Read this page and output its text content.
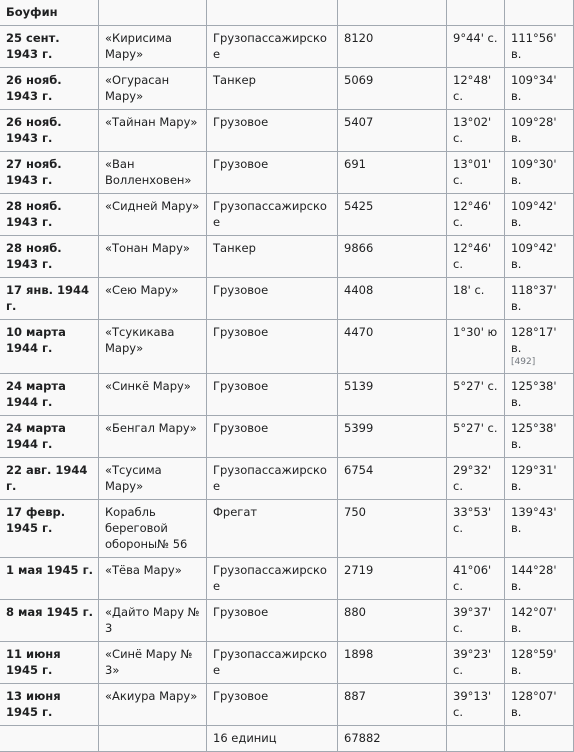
Боуфин					
25 сент. 1943 г.	«Кирисима Мару»	Грузопассажирское	8120	9°44' с.	111°56' в.
26 нояб. 1943 г.	«Огурасан Мару»	Танкер	5069	12°48' с.	109°34' в.
26 нояб. 1943 г.	«Тайнан Мару»	Грузовое	5407	13°02' с.	109°28' в.
27 нояб. 1943 г.	«Ван Волленховен»	Грузовое	691	13°01' с.	109°30' в.
28 нояб. 1943 г.	«Сидней Мару»	Грузопассажирское	5425	12°46' с.	109°42' в.
28 нояб. 1943 г.	«Тонан Мару»	Танкер	9866	12°46' с.	109°42' в.
17 янв. 1944 г.	«Сею Мару»	Грузовое	4408	18' с.	118°37' в.
10 марта 1944 г.	«Тсукикава Мару»	Грузовое	4470	1°30' ю	128°17' в.
[492]

24 марта 1944 г.	«Синкё Мару»	Грузовое	5139	5°27' с.	125°38' в.
24 марта 1944 г.	«Бенгал Мару»	Грузовое	5399	5°27' с.	125°38' в.
22 авг. 1944 г.	«Тсусима Мару»	Грузопассажирское	6754	29°32' с.	129°31' в.
17 февр. 1945 г.	Корабль береговой обороны№ 56	Фрегат	750	33°53' с.	139°43' в.
1 мая 1945 г.	«Тёва Мару»	Грузопассажирское	2719	41°06' с.	144°28' в.
8 мая 1945 г.	«Дайто Мару № 3	Грузовое	880	39°37' с.	142°07' в.
11 июня 1945 г.	«Синё Мару № 3»	Грузопассажирское	1898	39°23' с.	128°59' в.
13 июня 1945 г.	«Акиура Мару»	Грузовое	887	39°13' с.	128°07' в.
		16 единиц	67882		
